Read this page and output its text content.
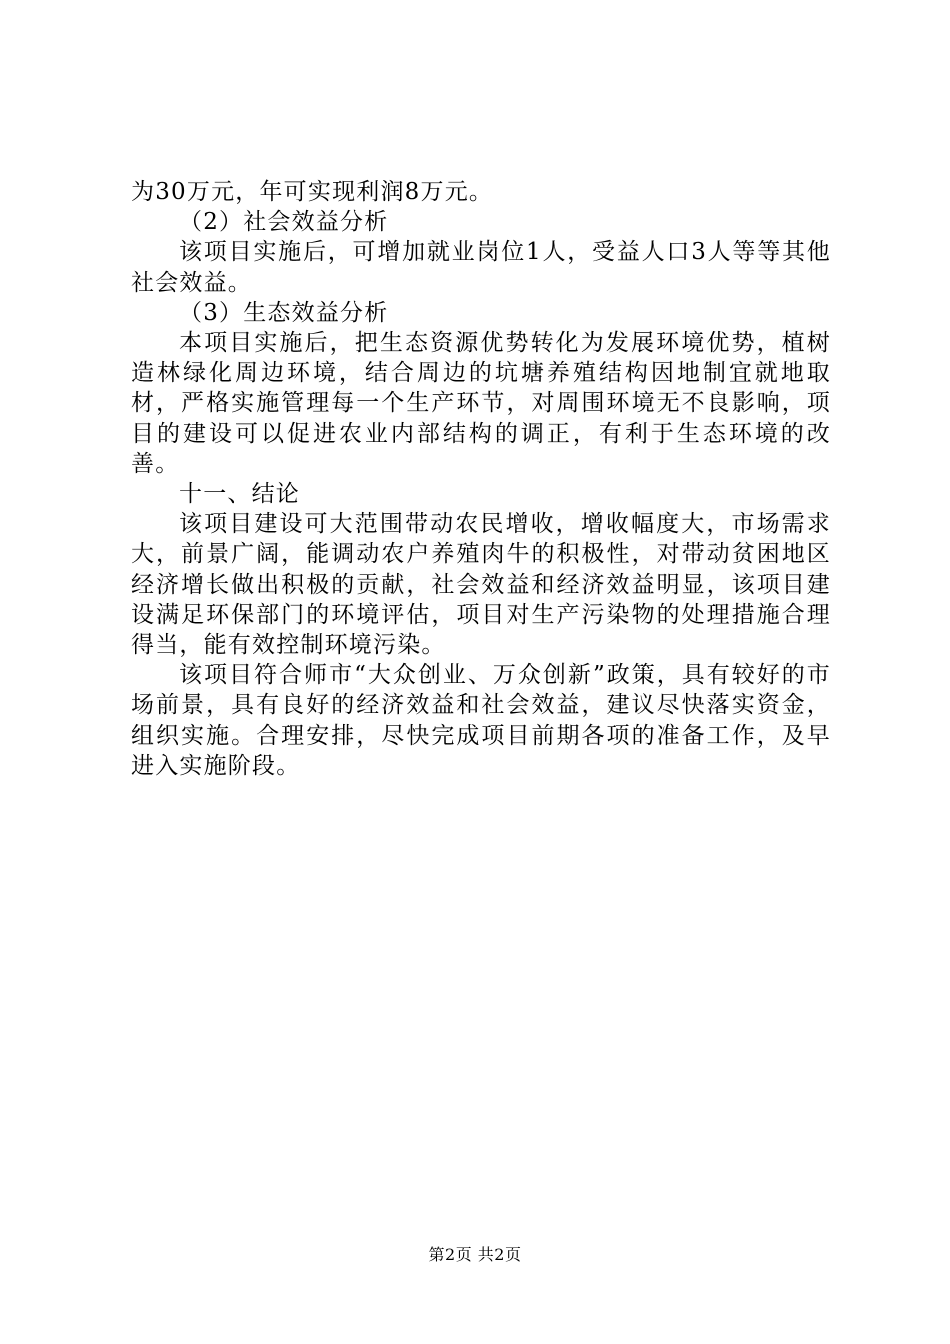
为30万元，年可实现利润8万元。

（2）社会效益分析

该项目实施后，可增加就业岗位1人，受益人口3人等等其他社会效益。

（3）生态效益分析

本项目实施后，把生态资源优势转化为发展环境优势，植树造林绿化周边环境，结合周边的坑塘养殖结构因地制宜就地取材，严格实施管理每一个生产环节，对周围环境无不良影响，项目的建设可以促进农业内部结构的调正，有利于生态环境的改善。

十一、结论

该项目建设可大范围带动农民增收，增收幅度大，市场需求大，前景广阔，能调动农户养殖肉牛的积极性，对带动贫困地区经济增长做出积极的贡献，社会效益和经济效益明显，该项目建设满足环保部门的环境评估，项目对生产污染物的处理措施合理得当，能有效控制环境污染。

该项目符合师市“大众创业、万众创新”政策，具有较好的市场前景，具有良好的经济效益和社会效益，建议尽快落实资金，组织实施。合理安排，尽快完成项目前期各项的准备工作，及早进入实施阶段。

第2页 共2页
